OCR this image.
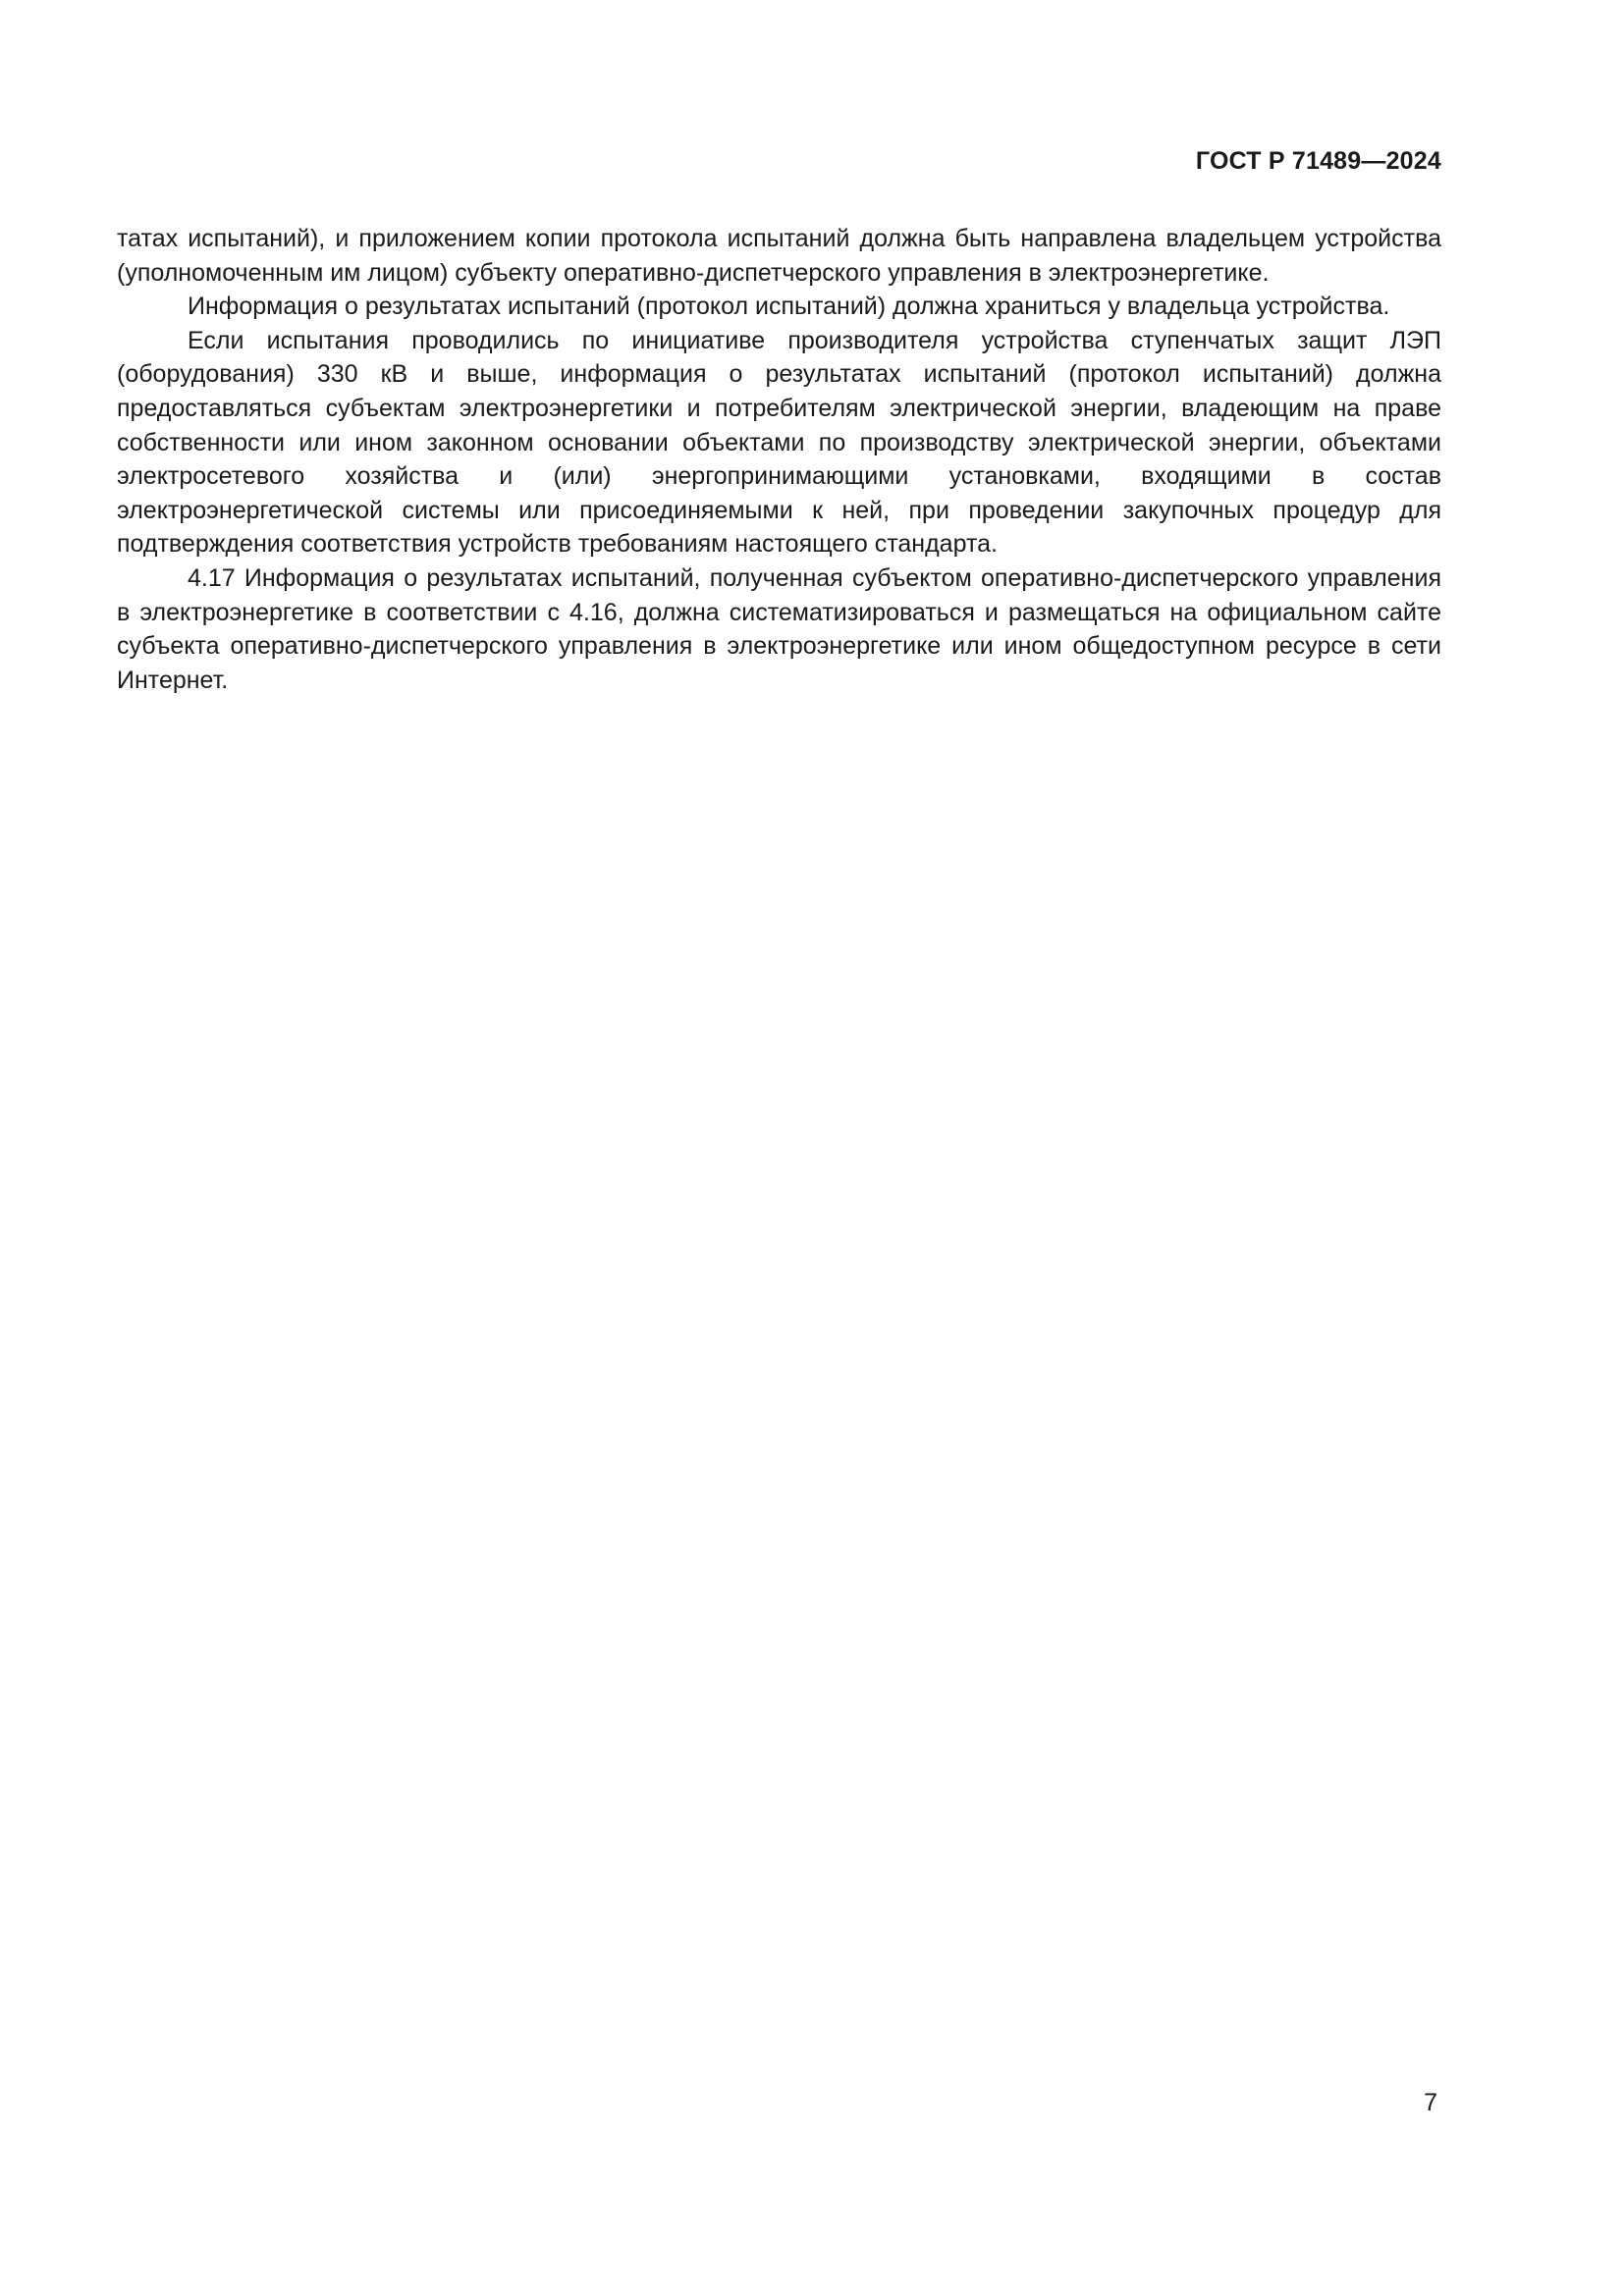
ГОСТ Р 71489—2024

татах испытаний), и приложением копии протокола испытаний должна быть направлена владельцем устройства (уполномоченным им лицом) субъекту оперативно-диспетчерского управления в электроэнергетике.

Информация о результатах испытаний (протокол испытаний) должна храниться у владельца устройства.

Если испытания проводились по инициативе производителя устройства ступенчатых защит ЛЭП (оборудования) 330 кВ и выше, информация о результатах испытаний (протокол испытаний) должна предоставляться субъектам электроэнергетики и потребителям электрической энергии, владеющим на праве собственности или ином законном основании объектами по производству электрической энергии, объектами электросетевого хозяйства и (или) энергопринимающими установками, входящими в состав электроэнергетической системы или присоединяемыми к ней, при проведении закупочных процедур для подтверждения соответствия устройств требованиям настоящего стандарта.

4.17 Информация о результатах испытаний, полученная субъектом оперативно-диспетчерского управления в электроэнергетике в соответствии с 4.16, должна систематизироваться и размещаться на официальном сайте субъекта оперативно-диспетчерского управления в электроэнергетике или ином общедоступном ресурсе в сети Интернет.

7
